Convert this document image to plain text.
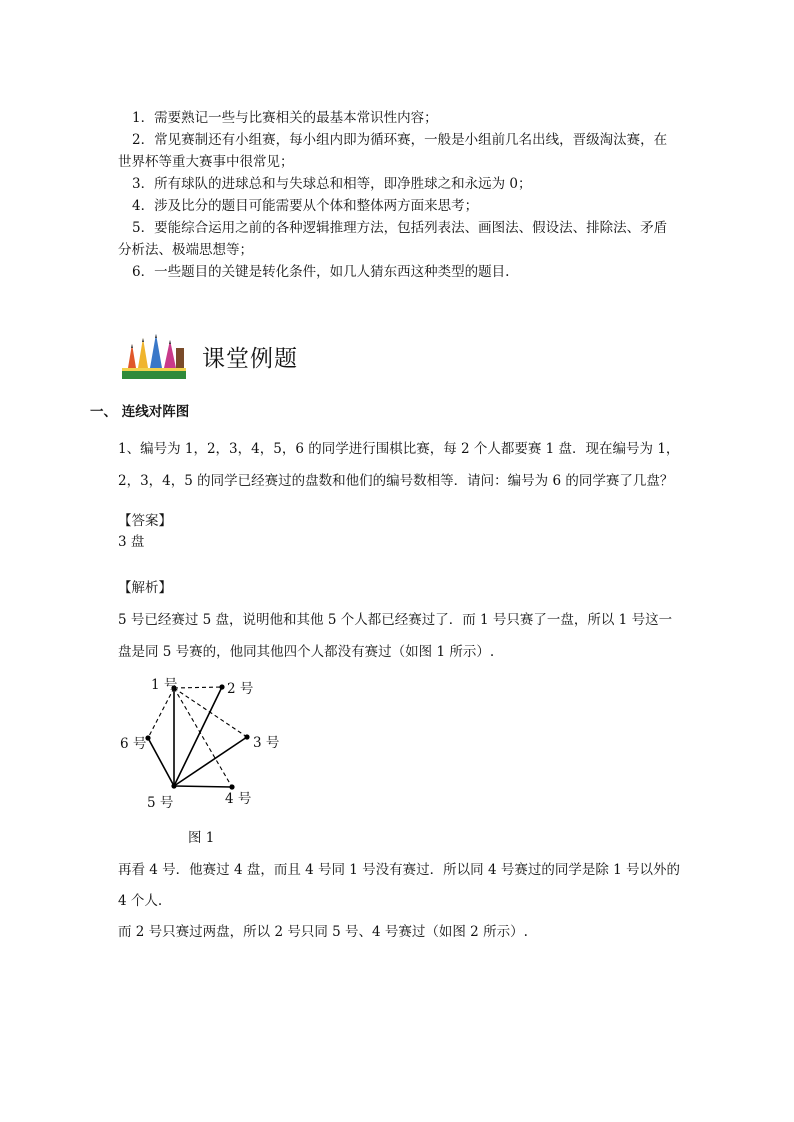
1．需要熟记一些与比赛相关的最基本常识性内容；
2．常见赛制还有小组赛，每小组内即为循环赛，一般是小组前几名出线，晋级淘汰赛，在
世界杯等重大赛事中很常见；
3．所有球队的进球总和与失球总和相等，即净胜球之和永远为 0；
4．涉及比分的题目可能需要从个体和整体两方面来思考；
5．要能综合运用之前的各种逻辑推理方法，包括列表法、画图法、假设法、排除法、矛盾
分析法、极端思想等；
6．一些题目的关键是转化条件，如几人猜东西这种类型的题目.
课堂例题
一、 连线对阵图
1、编号为 1，2，3，4，5，6 的同学进行围棋比赛，每 2 个人都要赛 1 盘．现在编号为 1，
2，3，4，5 的同学已经赛过的盘数和他们的编号数相等．请问：编号为 6 的同学赛了几盘？
【答案】
3 盘
【解析】
5 号已经赛过 5 盘，说明他和其他 5 个人都已经赛过了．而 1 号只赛了一盘，所以 1 号这一
盘是同 5 号赛的，他同其他四个人都没有赛过（如图 1 所示）.
1 号	2 号
3 号
4 号
5 号
6 号
图 1
再看 4 号．他赛过 4 盘，而且 4 号同 1 号没有赛过．所以同 4 号赛过的同学是除 1 号以外的
4 个人.
而 2 号只赛过两盘，所以 2 号只同 5 号、4 号赛过（如图 2 所示）.
